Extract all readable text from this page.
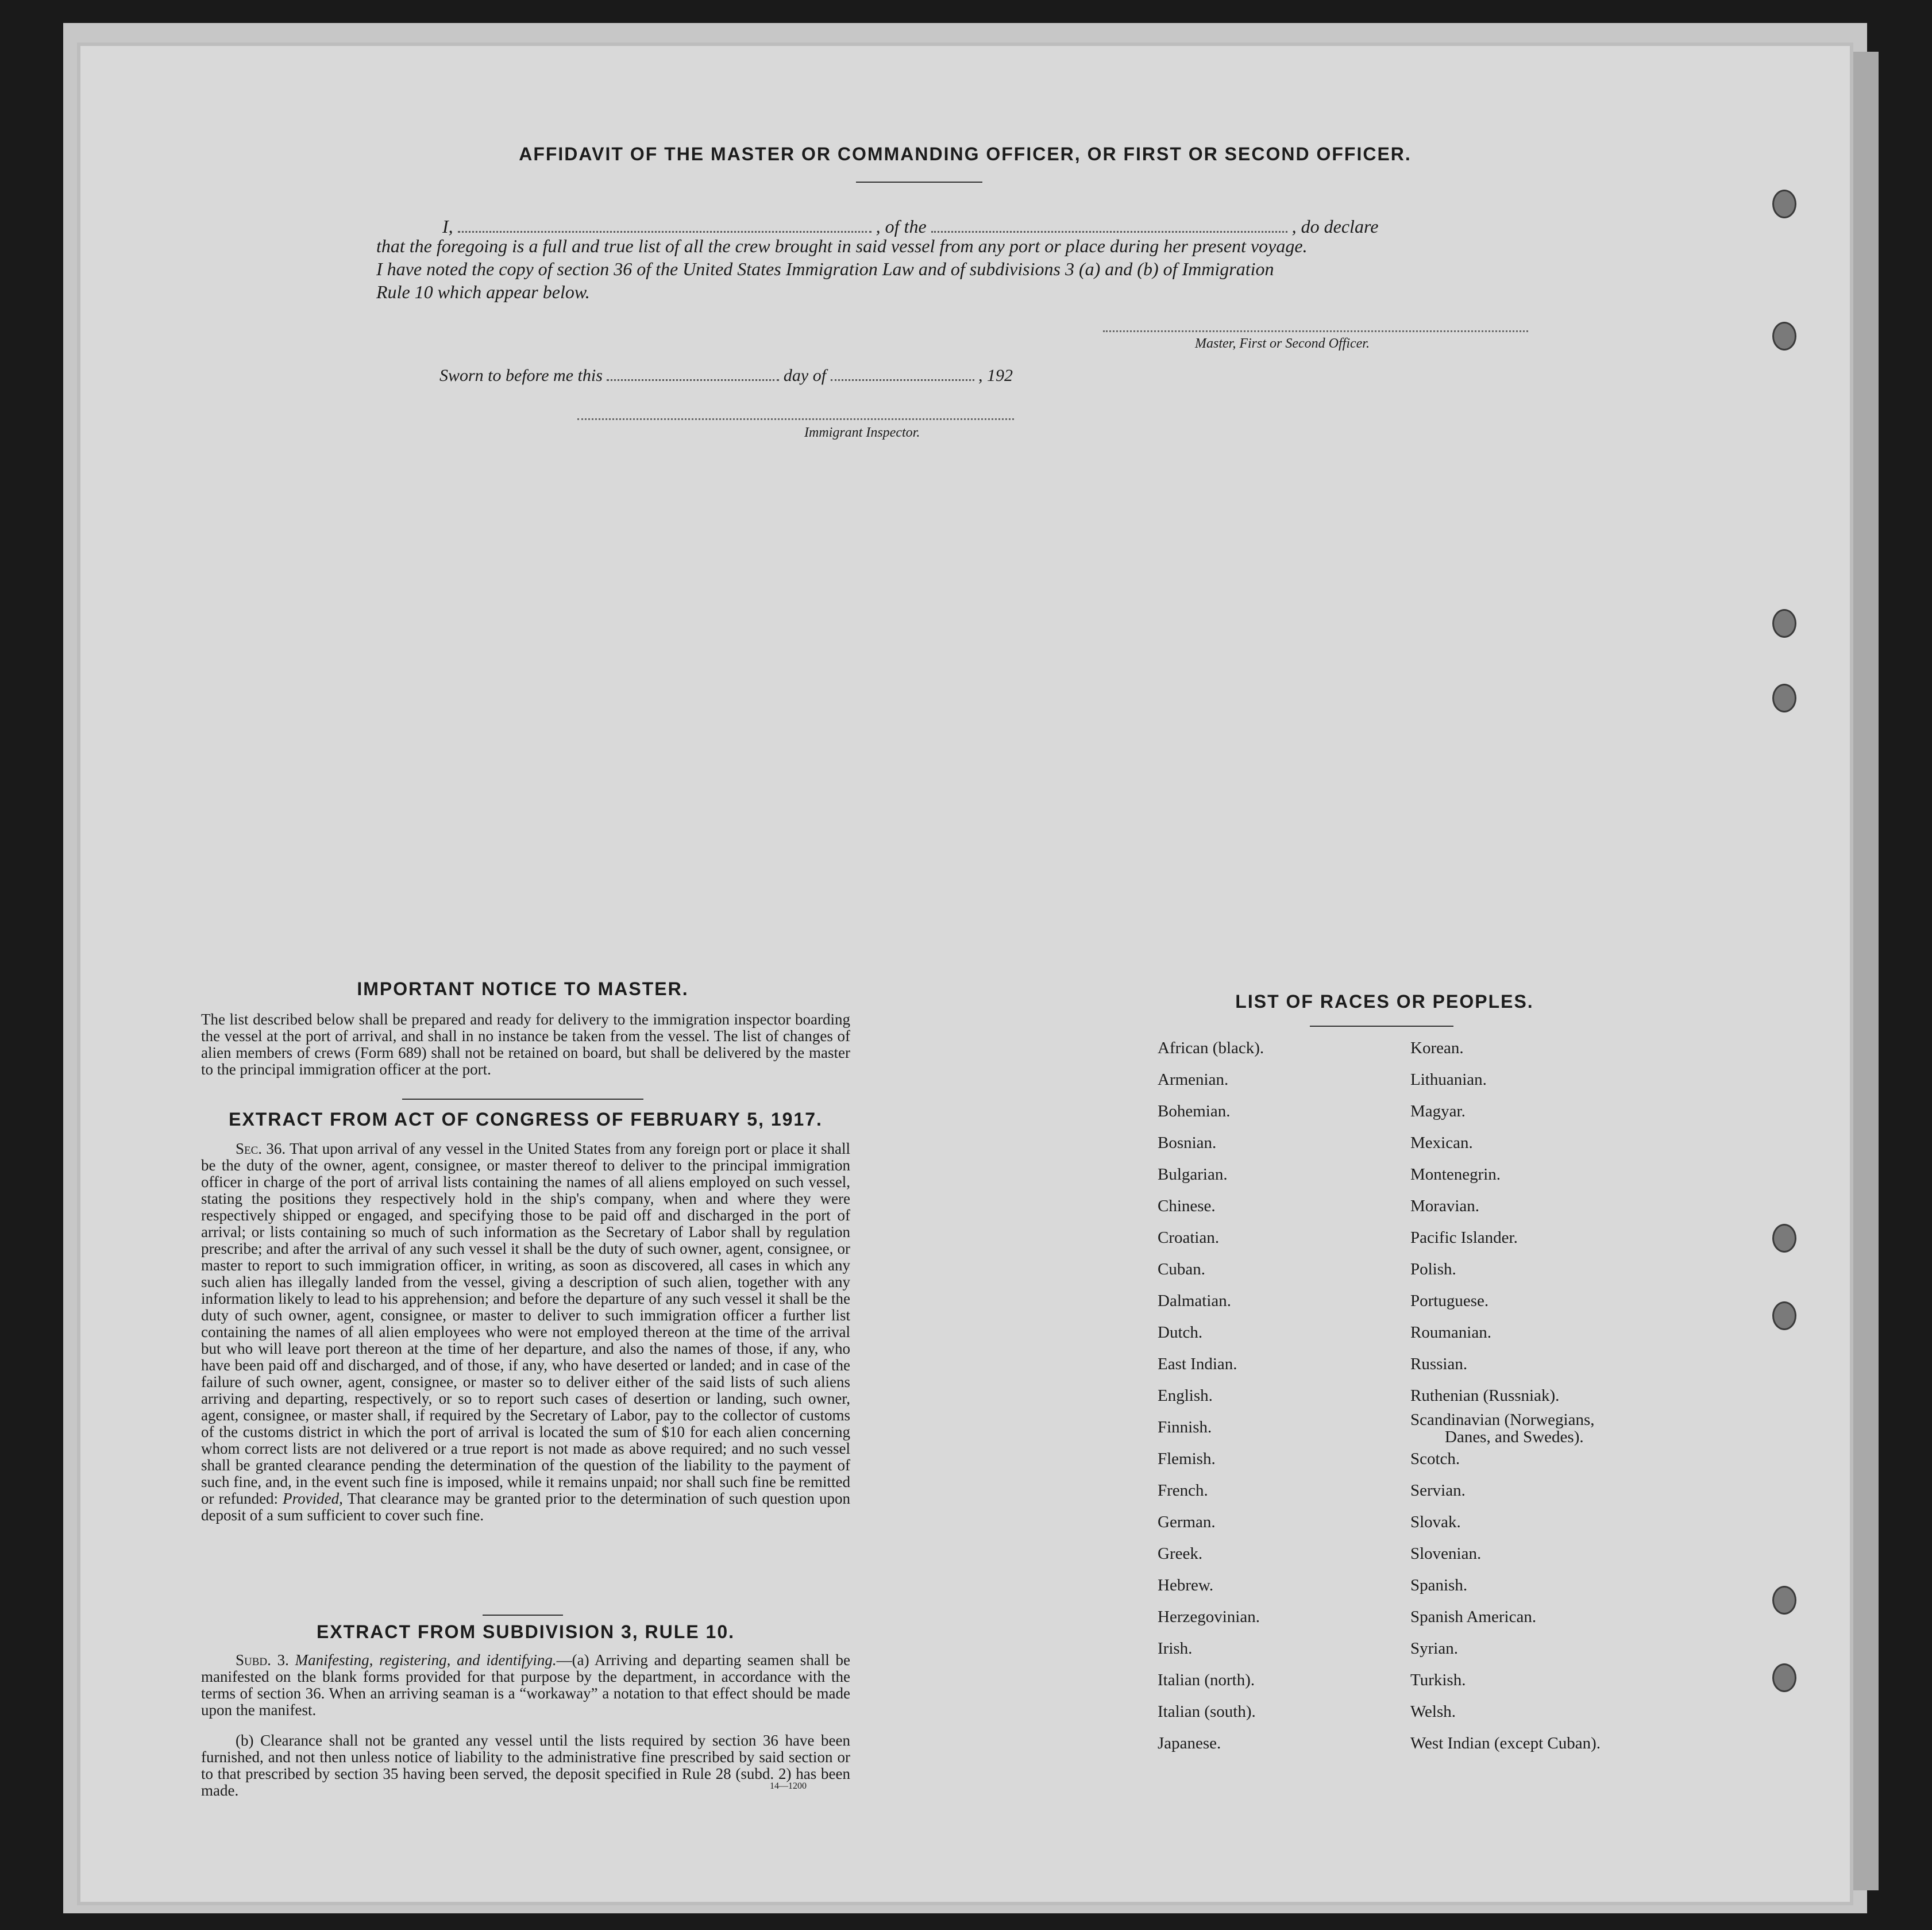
AFFIDAVIT OF THE MASTER OR COMMANDING OFFICER, OR FIRST OR SECOND OFFICER.
I,	, of the	, do declare
that the foregoing is a full and true list of all the crew brought in said vessel from any port or place during her present voyage.
I have noted the copy of section 36 of the United States Immigration Law and of subdivisions 3 (a) and (b) of Immigration
Rule 10 which appear below.
Master, First or Second Officer.
Sworn to before me this	day of	, 192
Immigrant Inspector.
IMPORTANT NOTICE TO MASTER.
The list described below shall be prepared and ready for delivery to the immigration inspector boarding the vessel at the port of arrival, and shall in no instance be taken from the vessel. The list of changes of alien members of crews (Form 689) shall not be retained on board, but shall be delivered by the master to the principal immigration officer at the port.
EXTRACT FROM ACT OF CONGRESS OF FEBRUARY 5, 1917.
Sec. 36. That upon arrival of any vessel in the United States from any foreign port or place it shall be the duty of the owner, agent, consignee, or master thereof to deliver to the principal immigration officer in charge of the port of arrival lists containing the names of all aliens employed on such vessel, stating the positions they respectively hold in the ship's company, when and where they were respectively shipped or engaged, and specifying those to be paid off and discharged in the port of arrival; or lists containing so much of such information as the Secretary of Labor shall by regulation prescribe; and after the arrival of any such vessel it shall be the duty of such owner, agent, consignee, or master to report to such immigration officer, in writing, as soon as discovered, all cases in which any such alien has illegally landed from the vessel, giving a description of such alien, together with any information likely to lead to his apprehension; and before the departure of any such vessel it shall be the duty of such owner, agent, consignee, or master to deliver to such immigration officer a further list containing the names of all alien employees who were not employed thereon at the time of the arrival but who will leave port thereon at the time of her departure, and also the names of those, if any, who have been paid off and discharged, and of those, if any, who have deserted or landed; and in case of the failure of such owner, agent, consignee, or master so to deliver either of the said lists of such aliens arriving and departing, respectively, or so to report such cases of desertion or landing, such owner, agent, consignee, or master shall, if required by the Secretary of Labor, pay to the collector of customs of the customs district in which the port of arrival is located the sum of $10 for each alien concerning whom correct lists are not delivered or a true report is not made as above required; and no such vessel shall be granted clearance pending the determination of the question of the liability to the payment of such fine, and, in the event such fine is imposed, while it remains unpaid; nor shall such fine be remitted or refunded: Provided, That clearance may be granted prior to the determination of such question upon deposit of a sum sufficient to cover such fine.
EXTRACT FROM SUBDIVISION 3, RULE 10.
Subd. 3. Manifesting, registering, and identifying.—(a) Arriving and departing seamen shall be manifested on the blank forms provided for that purpose by the department, in accordance with the terms of section 36. When an arriving seaman is a “workaway” a notation to that effect should be made upon the manifest.
(b) Clearance shall not be granted any vessel until the lists required by section 36 have been furnished, and not then unless notice of liability to the administrative fine prescribed by said section or to that prescribed by section 35 having been served, the deposit specified in Rule 28 (subd. 2) has been made.	14—1200
LIST OF RACES OR PEOPLES.
African (black).
Armenian.
Bohemian.
Bosnian.
Bulgarian.
Chinese.
Croatian.
Cuban.
Dalmatian.
Dutch.
East Indian.
English.
Finnish.
Flemish.
French.
German.
Greek.
Hebrew.
Herzegovinian.
Irish.
Italian (north).
Italian (south).
Japanese.
Korean.
Lithuanian.
Magyar.
Mexican.
Montenegrin.
Moravian.
Pacific Islander.
Polish.
Portuguese.
Roumanian.
Russian.
Ruthenian (Russniak).
Scandinavian (Norwegians,
Danes, and Swedes).
Scotch.
Servian.
Slovak.
Slovenian.
Spanish.
Spanish American.
Syrian.
Turkish.
Welsh.
West Indian (except Cuban).
